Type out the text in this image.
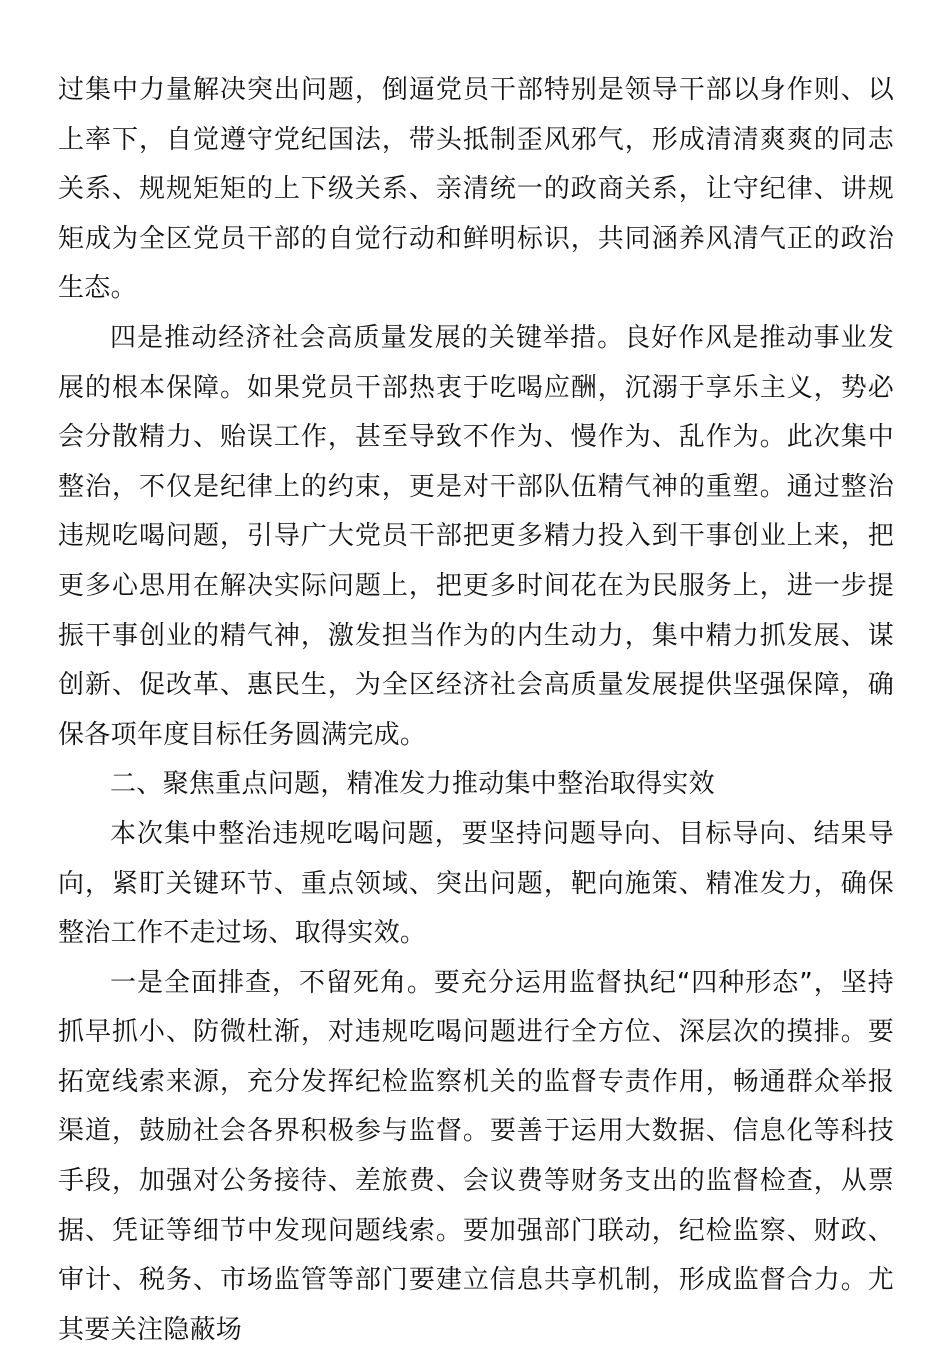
过集中力量解决突出问题，倒逼党员干部特别是领导干部以身作则、以上率下，自觉遵守党纪国法，带头抵制歪风邪气，形成清清爽爽的同志关系、规规矩矩的上下级关系、亲清统一的政商关系，让守纪律、讲规矩成为全区党员干部的自觉行动和鲜明标识，共同涵养风清气正的政治生态。

四是推动经济社会高质量发展的关键举措。良好作风是推动事业发展的根本保障。如果党员干部热衷于吃喝应酬，沉溺于享乐主义，势必会分散精力、贻误工作，甚至导致不作为、慢作为、乱作为。此次集中整治，不仅是纪律上的约束，更是对干部队伍精气神的重塑。通过整治违规吃喝问题，引导广大党员干部把更多精力投入到干事创业上来，把更多心思用在解决实际问题上，把更多时间花在为民服务上，进一步提振干事创业的精气神，激发担当作为的内生动力，集中精力抓发展、谋创新、促改革、惠民生，为全区经济社会高质量发展提供坚强保障，确保各项年度目标任务圆满完成。

二、聚焦重点问题，精准发力推动集中整治取得实效

本次集中整治违规吃喝问题，要坚持问题导向、目标导向、结果导向，紧盯关键环节、重点领域、突出问题，靶向施策、精准发力，确保整治工作不走过场、取得实效。

一是全面排查，不留死角。要充分运用监督执纪“四种形态”，坚持抓早抓小、防微杜渐，对违规吃喝问题进行全方位、深层次的摸排。要拓宽线索来源，充分发挥纪检监察机关的监督专责作用，畅通群众举报渠道，鼓励社会各界积极参与监督。要善于运用大数据、信息化等科技手段，加强对公务接待、差旅费、会议费等财务支出的监督检查，从票据、凭证等细节中发现问题线索。要加强部门联动，纪检监察、财政、审计、税务、市场监管等部门要建立信息共享机制，形成监督合力。尤其要关注隐蔽场
